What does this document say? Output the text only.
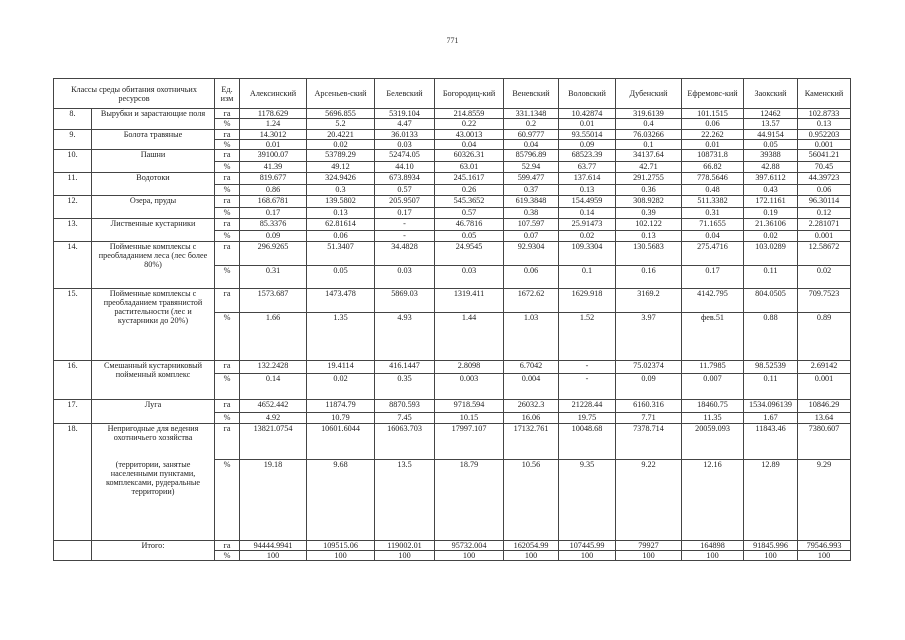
771
Классы среды обитания охотничьих ресурсов		Ед. изм	Алексинский	Арсеньев-ский	Белевский	Богородиц-кий	Веневский	Воловский	Дубенский	Ефремовс-кий	Заокский	Каменский
8.	Вырубки и зарастающие поля	га	1178.629	5696.855	5319.104	214.8559	331.1348	10.42874	319.6139	101.1515	12462	102.8733
		%	1.24	5.2	4.47	0.22	0.2	0.01	0.4	0.06	13.57	0.13
9.	Болота травяные	га	14.3012	20.4221	36.0133	43.0013	60.9777	93.55014	76.03266	22.262	44.9154	0.952203
		%	0.01	0.02	0.03	0.04	0.04	0.09	0.1	0.01	0.05	0.001
10.	Пашни	га	39100.07	53789.29	52474.05	60326.31	85796.89	68523.39	34137.64	108731.8	39388	56041.21
		%	41.39	49.12	44.10	63.01	52.94	63.77	42.71	66.82	42.88	70.45
11.	Водотоки	га	819.677	324.9426	673.8934	245.1617	599.477	137.614	291.2755	778.5646	397.6112	44.39723
		%	0.86	0.3	0.57	0.26	0.37	0.13	0.36	0.48	0.43	0.06
12.	Озера, пруды	га	168.6781	139.5802	205.9507	545.3652	619.3848	154.4959	308.9282	511.3382	172.1161	96.30114
		%	0.17	0.13	0.17	0.57	0.38	0.14	0.39	0.31	0.19	0.12
13.	Лиственные кустарники	га	85.3376	62.81614	-	46.7816	107.597	25.91473	102.122	71.1655	21.36106	2.281071
		%	0.09	0.06	-	0.05	0.07	0.02	0.13	0.04	0.02	0.001
14.	Пойменные комплексы с преобладанием леса (лес более 80%)	га	296.9265	51.3407	34.4828	24.9545	92.9304	109.3304	130.5683	275.4716	103.0289	12.58672
		%	0.31	0.05	0.03	0.03	0.06	0.1	0.16	0.17	0.11	0.02
15.	Пойменные комплексы с преобладанием травянистой растительности (лес и кустарники до 20%)	га	1573.687	1473.478	5869.03	1319.411	1672.62	1629.918	3169.2	4142.795	804.0505	709.7523
		%	1.66	1.35	4.93	1.44	1.03	1.52	3.97	фев.51	0.88	0.89
16.	Смешанный кустарниковый пойменный комплекс	га	132.2428	19.4114	416.1447	2.8098	6.7042	-	75.02374	11.7985	98.52539	2.69142
		%	0.14	0.02	0.35	0.003	0.004	-	0.09	0.007	0.11	0.001
17.	Луга	га	4652.442	11874.79	8870.593	9718.594	26032.3	21228.44	6160.316	18460.75	1534.096139	10846.29
		%	4.92	10.79	7.45	10.15	16.06	19.75	7.71	11.35	1.67	13.64
18.	Непригодные для ведения охотничьего хозяйства
(территории, занятые населенными пунктами, комплексами, рудеральные территории)	га	13821.0754	10601.6044	16063.703	17997.107	17132.761	10048.68	7378.714	20059.093	11843.46	7380.607
		%	19.18	9.68	13.5	18.79	10.56	9.35	9.22	12.16	12.89	9.29

	Итого:	га	94444.9941	109515.06	119002.01	95732.004	162054.99	107445.99	79927	164898	91845.996	79546.993
		%	100	100	100	100	100	100	100	100	100	100
